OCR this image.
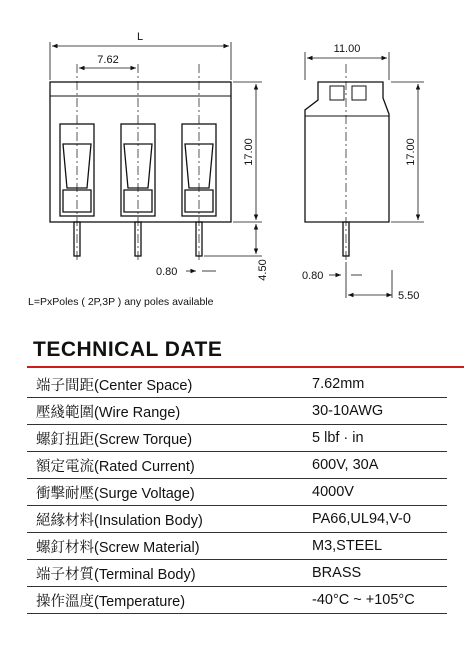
L
7.62
17.00
0.80	4.50
11.00
17.00
0.80
5.50
L=PxPoles ( 2P,3P ) any poles available
TECHNICAL DATE
端子間距(Center Space)	7.62mm
壓綫範圍(Wire Range)	30-10AWG
螺釘扭距(Screw Torque)	5 lbf · in
額定電流(Rated Current)	600V, 30A
衝擊耐壓(Surge Voltage)	4000V
絕緣材料(Insulation Body)	PA66,UL94,V-0
螺釘材料(Screw Material)	M3,STEEL
端子材質(Terminal Body)	BRASS
操作溫度(Temperature)	-40°C ~ +105°C
